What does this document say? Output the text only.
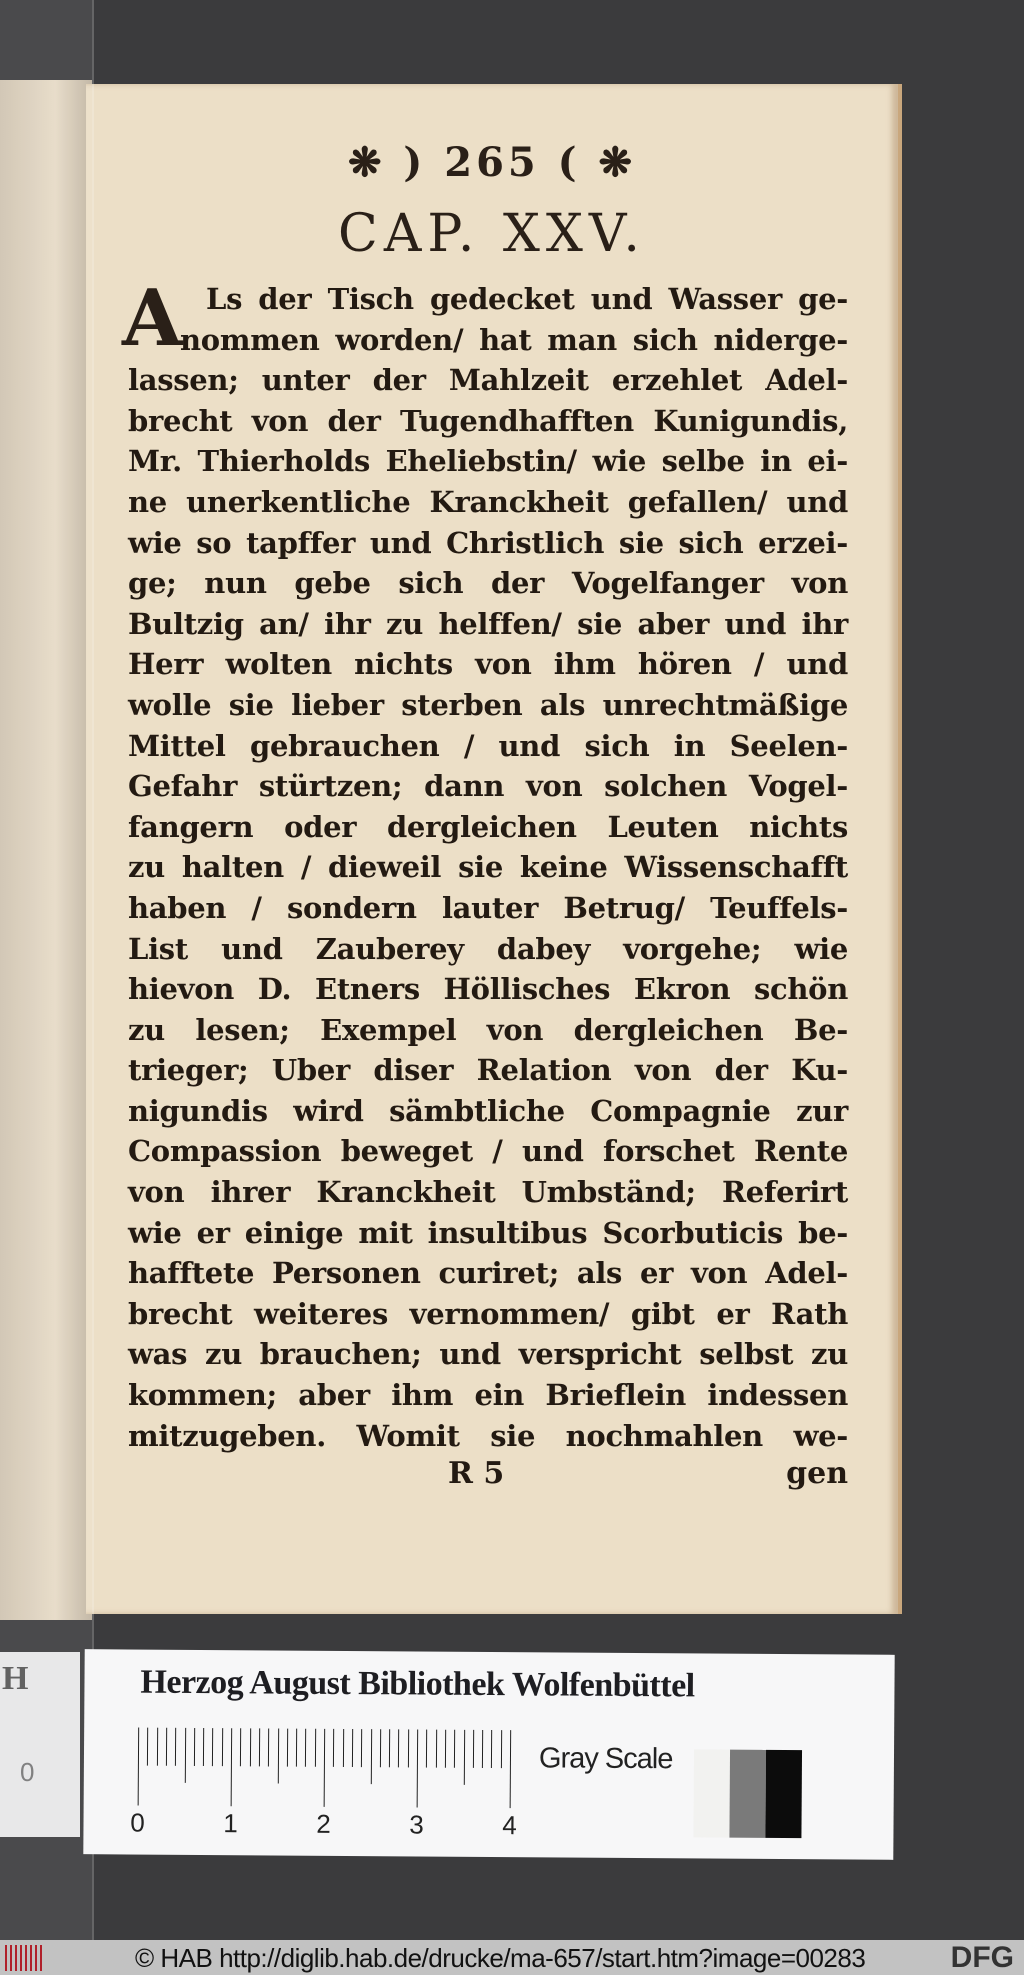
H
0
❋ ) 265 ( ❋
CAP. XXV.
A Ls der Tisch gedecket und Wasser ge-
nommen worden/ hat man sich niderge-
lassen; unter der Mahlzeit erzehlet Adel-
brecht von der Tugendhafften Kunigundis,
Mr. Thierholds Eheliebstin/ wie selbe in ei-
ne unerkentliche Kranckheit gefallen/ und
wie so tapffer und Christlich sie sich erzei-
ge; nun gebe sich der Vogelfanger von
Bultzig an/ ihr zu helffen/ sie aber und ihr
Herr wolten nichts von ihm hören / und
wolle sie lieber sterben als unrechtmäßige
Mittel gebrauchen / und sich in Seelen-
Gefahr stürtzen; dann von solchen Vogel-
fangern oder dergleichen Leuten nichts
zu halten / dieweil sie keine Wissenschafft
haben / sondern lauter Betrug/ Teuffels-
List und Zauberey dabey vorgehe; wie
hievon D. Etners Höllisches Ekron schön
zu lesen; Exempel von dergleichen Be-
trieger; Uber diser Relation von der Ku-
nigundis wird sämbtliche Compagnie zur
Compassion beweget / und forschet Rente
von ihrer Kranckheit Umbständ; Referirt
wie er einige mit insultibus Scorbuticis be-
hafftete Personen curiret; als er von Adel-
brecht weiteres vernommen/ gibt er Rath
was zu brauchen; und verspricht selbst zu
kommen; aber ihm ein Brieflein indessen
mitzugeben. Womit sie nochmahlen we-
R 5	gen
Herzog August Bibliothek Wolfenbüttel
0	1	2	3	4
Gray Scale
© HAB http://diglib.hab.de/drucke/ma-657/start.htm?image=00283	DFG
